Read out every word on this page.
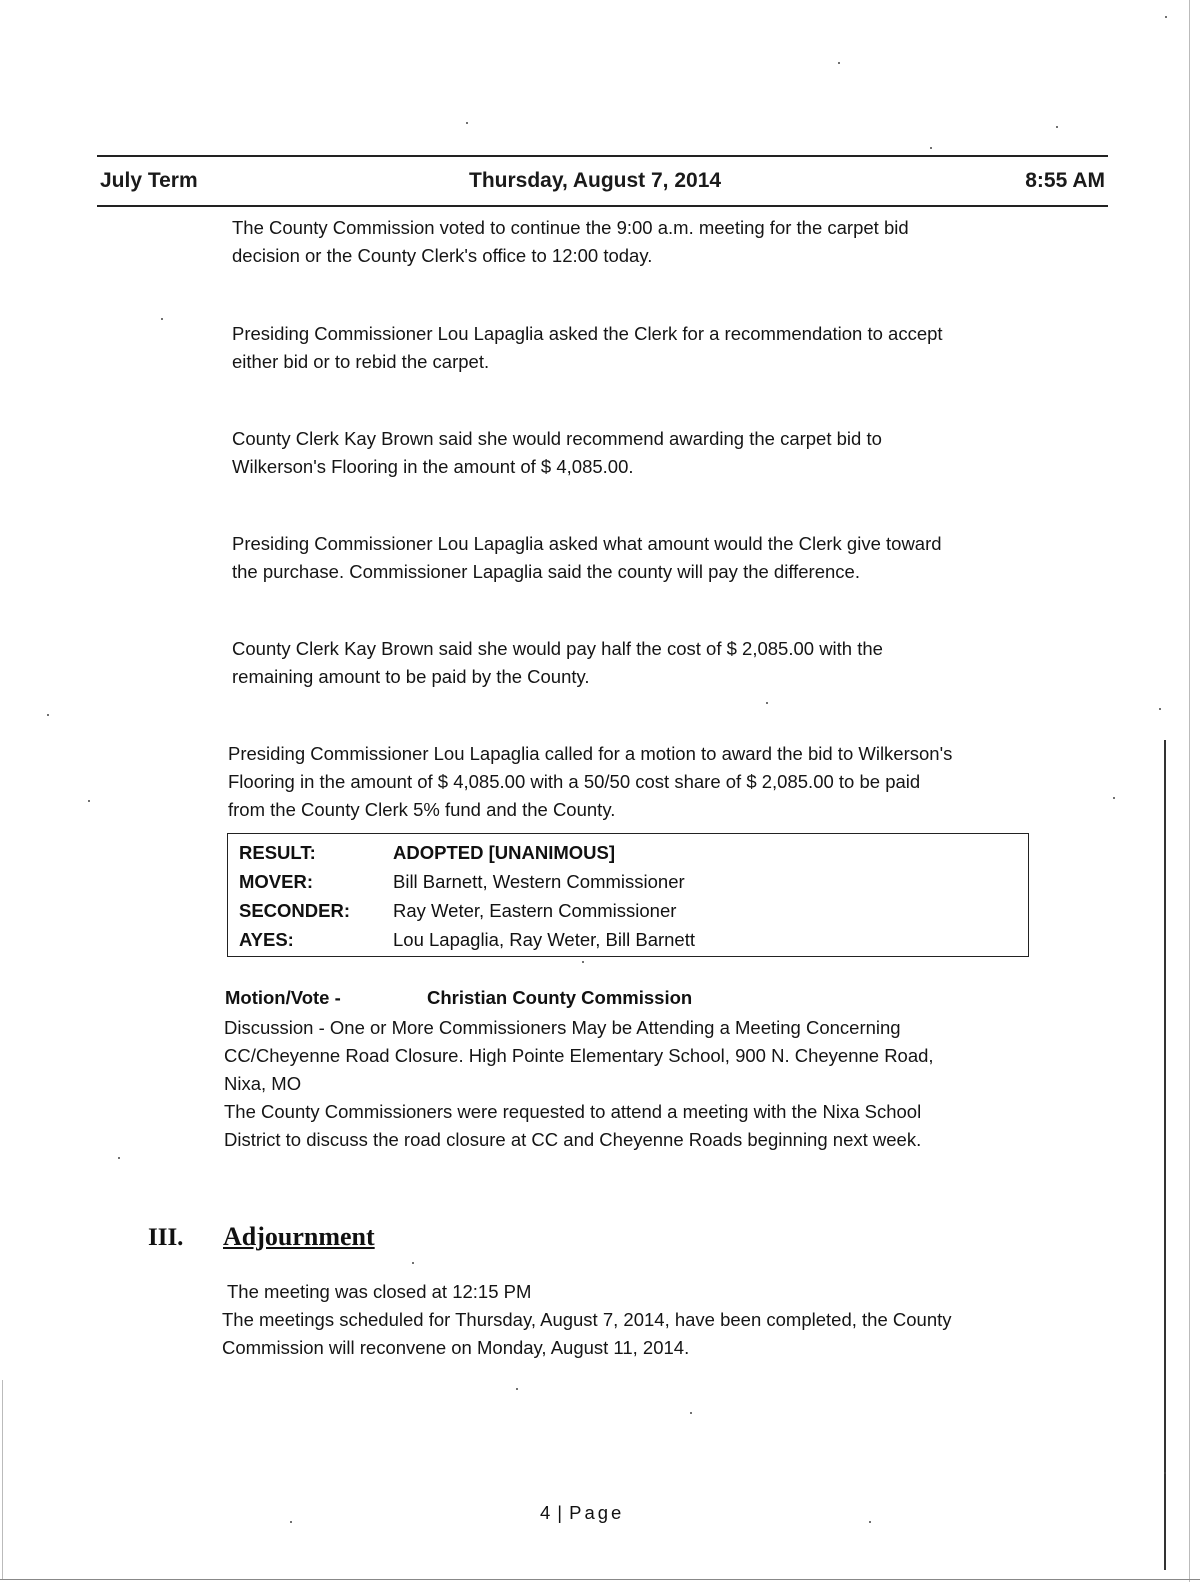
July Term	Thursday, August 7, 2014	8:55 AM
The County Commission voted to continue the 9:00 a.m. meeting for the carpet bid
decision or the County Clerk's office to 12:00 today.
Presiding Commissioner Lou Lapaglia asked the Clerk for a recommendation to accept
either bid or to rebid the carpet.
County Clerk Kay Brown said she would recommend awarding the carpet bid to
Wilkerson's Flooring in the amount of $ 4,085.00.
Presiding Commissioner Lou Lapaglia asked what amount would the Clerk give toward
the purchase. Commissioner Lapaglia said the county will pay the difference.
County Clerk Kay Brown said she would pay half the cost of $ 2,085.00 with the
remaining amount to be paid by the County.
Presiding Commissioner Lou Lapaglia called for a motion to award the bid to Wilkerson's
Flooring in the amount of $ 4,085.00 with a 50/50 cost share of $ 2,085.00 to be paid
from the County Clerk 5% fund and the County.
RESULT:	ADOPTED [UNANIMOUS]
MOVER:	Bill Barnett, Western Commissioner
SECONDER: Ray Weter, Eastern Commissioner
AYES:	Lou Lapaglia, Ray Weter, Bill Barnett
Motion/Vote -	Christian County Commission
Discussion - One or More Commissioners May be Attending a Meeting Concerning
CC/Cheyenne Road Closure. High Pointe Elementary School, 900 N. Cheyenne Road,
Nixa, MO
The County Commissioners were requested to attend a meeting with the Nixa School
District to discuss the road closure at CC and Cheyenne Roads beginning next week.
III. Adjournment
The meeting was closed at 12:15 PM
The meetings scheduled for Thursday, August 7, 2014, have been completed, the County
Commission will reconvene on Monday, August 11, 2014.
4 | Page
